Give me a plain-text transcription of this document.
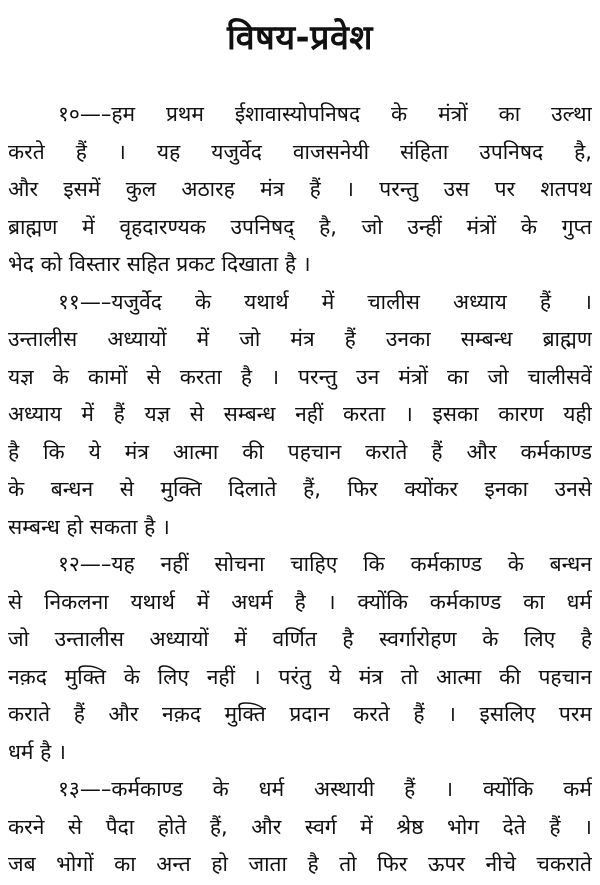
विषय-प्रवेश
१०—–हम प्रथम ईशावास्योपनिषद के मंत्रों का उल्था
करते हैं । यह यजुर्वेद वाजसनेयी संहिता उपनिषद है,
और इसमें कुल अठारह मंत्र हैं । परन्तु उस पर शतपथ
ब्राह्मण में वृहदारण्यक उपनिषद् है, जो उन्हीं मंत्रों के गुप्त
भेद को विस्तार सहित प्रकट दिखाता है ।
११—–यजुर्वेद के यथार्थ में चालीस अध्याय हैं ।
उन्तालीस अध्यायों में जो मंत्र हैं उनका सम्बन्ध ब्राह्मण
यज्ञ के कामों से करता है । परन्तु उन मंत्रों का जो चालीसवें
अध्याय में हैं यज्ञ से सम्बन्ध नहीं करता । इसका कारण यही
है कि ये मंत्र आत्मा की पहचान कराते हैं और कर्मकाण्ड
के बन्धन से मुक्ति दिलाते हैं, फिर क्योंकर इनका उनसे
सम्बन्ध हो सकता है ।
१२—–यह नहीं सोचना चाहिए कि कर्मकाण्ड के बन्धन
से निकलना यथार्थ में अधर्म है । क्योंकि कर्मकाण्ड का धर्म
जो उन्तालीस अध्यायों में वर्णित है स्वर्गारोहण के लिए है
नक़द मुक्ति के लिए नहीं । परंतु ये मंत्र तो आत्मा की पहचान
कराते हैं और नक़द मुक्ति प्रदान करते हैं । इसलिए परम
धर्म है ।
१३—–कर्मकाण्ड के धर्म अस्थायी हैं । क्योंकि कर्म
करने से पैदा होते हैं, और स्वर्ग में श्रेष्ठ भोग देते हैं ।
जब भोगों का अन्त हो जाता है तो फिर ऊपर नीचे चकराते
